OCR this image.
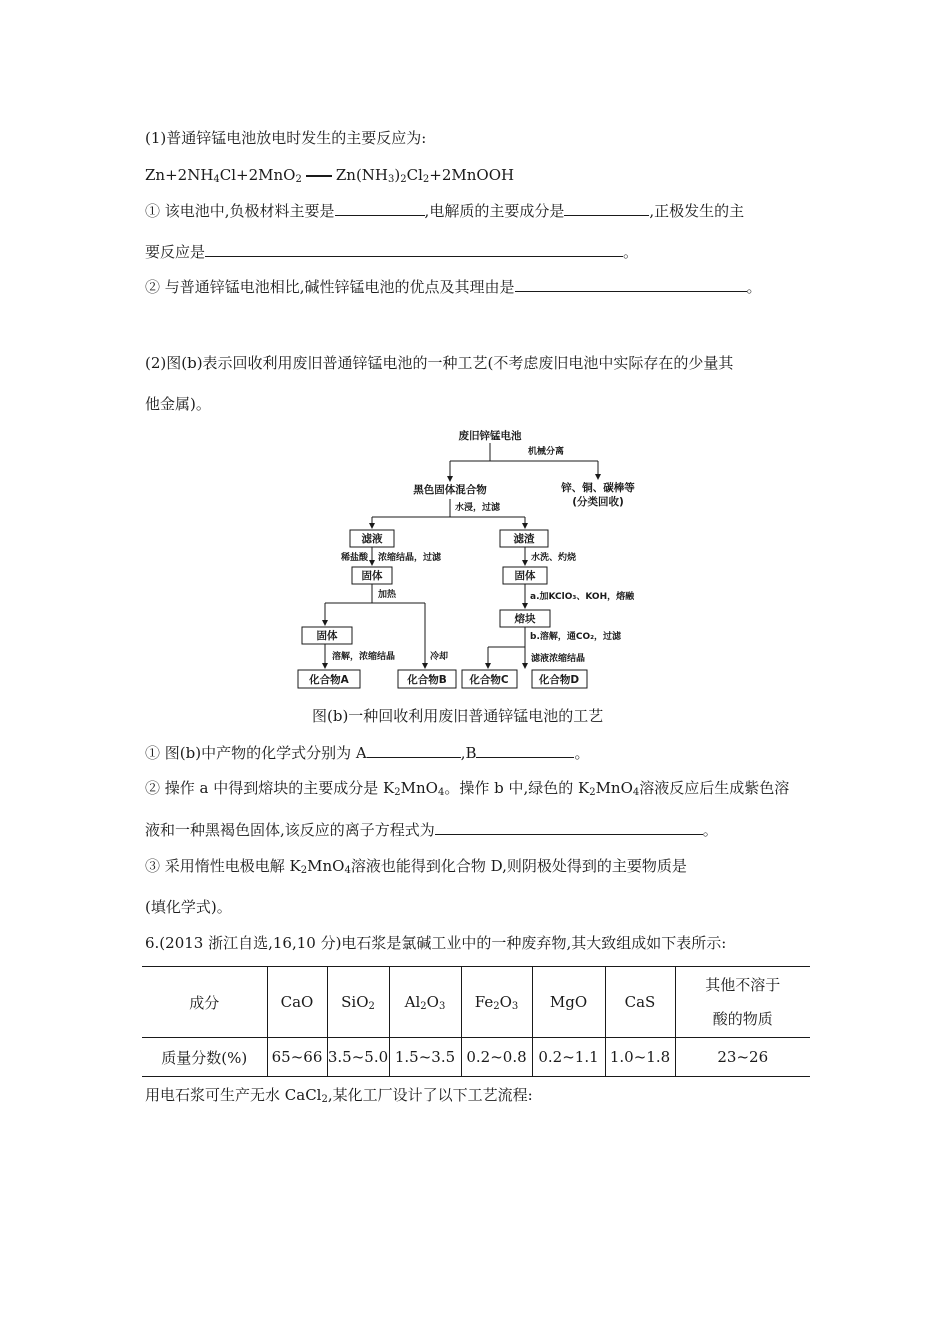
(1)普通锌锰电池放电时发生的主要反应为:
$Zn+2NH_4Cl+2MnO_2$ $Zn(NH_3)_2Cl_2+2MnOOH$
① 该电池中,负极材料主要是	,电解质的主要成分是	,正极发生的主
要反应是	。
② 与普通锌锰电池相比,碱性锌锰电池的优点及其理由是	。
(2)图(b)表示回收利用废旧普通锌锰电池的一种工艺(不考虑废旧电池中实际存在的少量其
他金属)。
废旧锌锰电池
机械分离
黑色固体混合物	锌、铜、碳棒等
(分类回收)
水浸，过滤
滤液	滤渣
稀盐酸 浓缩结晶，过滤	水洗、灼烧
固体	固体
加热	a.加KClO₃、KOH，熔融
熔块
固体	b.溶解，通CO₂，过滤
溶解，浓缩结晶	冷却	滤液浓缩结晶
化合物A	化合物B 化合物C	化合物D
图(b)一种回收利用废旧普通锌锰电池的工艺
① 图(b)中产物的化学式分别为 A	,B	。
② 操作 a 中得到熔块的主要成分是 $K_2MnO_4$。操作 b 中,绿色的 $K_2MnO_4$溶液反应后生成紫色溶
液和一种黑褐色固体,该反应的离子方程式为	。
③ 采用惰性电极电解 $K_2MnO_4$溶液也能得到化合物 D,则阴极处得到的主要物质是
(填化学式)。
6.(2013 浙江自选,16,10 分)电石浆是氯碱工业中的一种废弃物,其大致组成如下表所示:
成分	CaO	SiO$_2$	$Al_2O_3$	$Fe_2O_3$	MgO	CaS	其他不溶于
酸的物质

质量分数(%)	65~66	3.5~5.0	1.5~3.5	0.2~0.8	0.2~1.1	1.0~1.8	23~26
用电石浆可生产无水 CaCl$_2$,某化工厂设计了以下工艺流程:
